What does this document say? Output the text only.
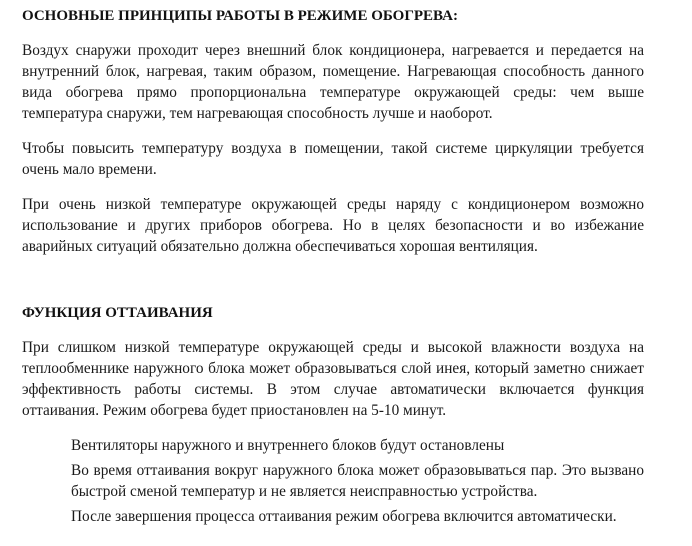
ОСНОВНЫЕ ПРИНЦИПЫ РАБОТЫ В РЕЖИМЕ ОБОГРЕВА:

Воздух снаружи проходит через внешний блок кондиционера, нагревается и передается на внутренний блок, нагревая, таким образом, помещение. Нагревающая способность данного вида обогрева прямо пропорциональна температуре окружающей среды: чем выше температура снаружи, тем нагревающая способность лучше и наоборот.

Чтобы повысить температуру воздуха в помещении, такой системе циркуляции требуется очень мало времени.

При очень низкой температуре окружающей среды наряду с кондиционером возможно использование и других приборов обогрева. Но в целях безопасности и во избежание аварийных ситуаций обязательно должна обеспечиваться хорошая вентиляция.

ФУНКЦИЯ ОТТАИВАНИЯ

При слишком низкой температуре окружающей среды и высокой влажности воздуха на теплообменнике наружного блока может образовываться слой инея, который заметно снижает эффективность работы системы. В этом случае автоматически включается функция оттаивания. Режим обогрева будет приостановлен на 5-10 минут.

Вентиляторы наружного и внутреннего блоков будут остановлены
Во время оттаивания вокруг наружного блока может образовываться пар. Это вызвано быстрой сменой температур и не является неисправностью устройства.
После завершения процесса оттаивания режим обогрева включится автоматически.
